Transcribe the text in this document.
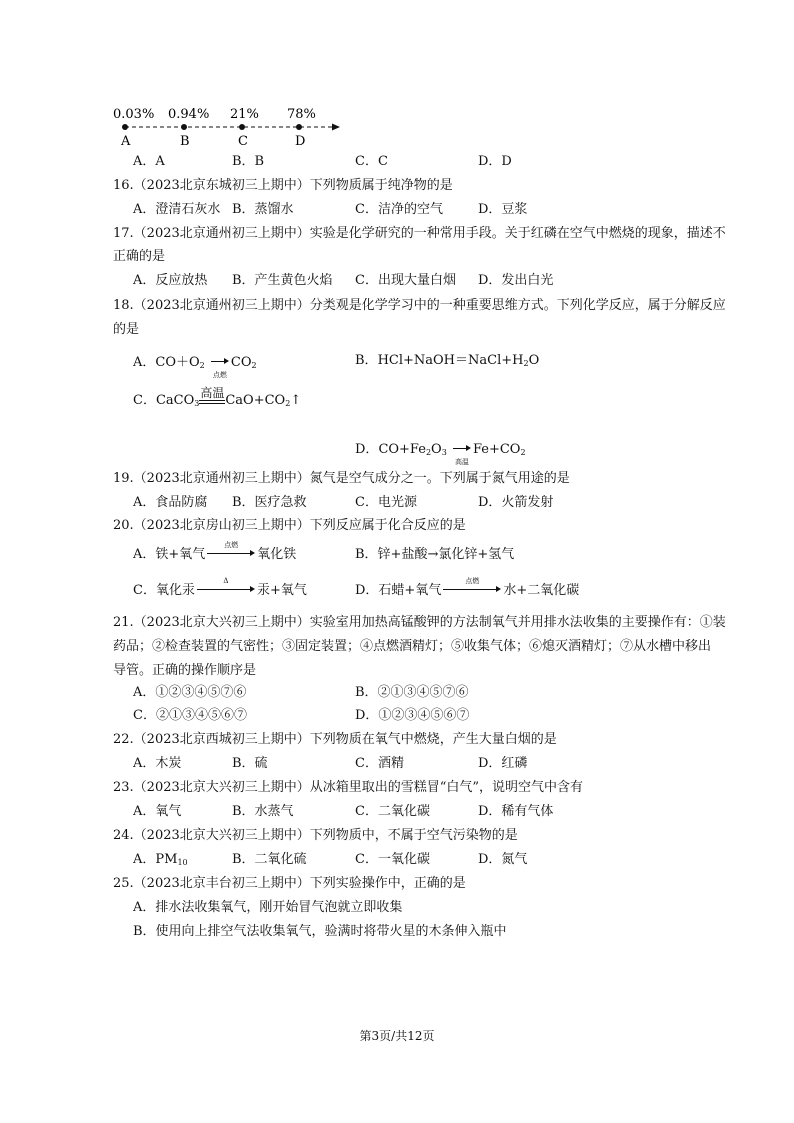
0.03% 0.94% 21% 78%
A	B	C	D
A．A	B．B	C．C	D．D
16.（2023北京东城初三上期中）下列物质属于纯净物的是
A．澄清石灰水 B．蒸馏水	C．洁净的空气	D．豆浆
17.（2023北京通州初三上期中）实验是化学研究的一种常用手段。关于红磷在空气中燃烧的现象，描述不
正确的是
A．反应放热 B．产生黄色火焰 C．出现大量白烟 D．发出白光
18.（2023北京通州初三上期中）分类观是化学学习中的一种重要思维方式。下列化学反应，属于分解反应
的是
A．$CO+O_2$
点燃
$CO_2$	B．$HCl+NaOH=NaCl+H_2O$
C．CaCO$_3$
高温 $CaO+CO_2↑$
D．$CO+Fe_2O_3$
高温
$Fe+CO_2$
19.（2023北京通州初三上期中）氮气是空气成分之一。下列属于氮气用途的是
A．食品防腐 B．医疗急救	C．电光源	D．火箭发射
20.（2023北京房山初三上期中）下列反应属于化合反应的是
A．铁+氧气
点燃
氧化铁	B．锌+盐酸→氯化锌+氢气
C．氧化汞
Δ
汞+氧气	D．石蜡+氧气
点燃
水+二氧化碳
21.（2023北京大兴初三上期中）实验室用加热高锰酸钾的方法制氧气并用排水法收集的主要操作有：①装
药品；②检查装置的气密性；③固定装置；④点燃酒精灯；⑤收集气体；⑥熄灭酒精灯；⑦从水槽中移出
导管。正确的操作顺序是
A．①②③④⑤⑦⑥	B．②①③④⑤⑦⑥
C．②①③④⑤⑥⑦	D．①②③④⑤⑥⑦
22.（2023北京西城初三上期中）下列物质在氧气中燃烧，产生大量白烟的是
A．木炭	B．硫	C．酒精	D．红磷
23.（2023北京大兴初三上期中）从冰箱里取出的雪糕冒“白气”，说明空气中含有
A．氧气	B．水蒸气	C．二氧化碳	D．稀有气体
24.（2023北京大兴初三上期中）下列物质中，不属于空气污染物的是
A．$PM_{10}$	B．二氧化硫	C．一氧化碳	D．氮气
25.（2023北京丰台初三上期中）下列实验操作中，正确的是
A．排水法收集氧气，刚开始冒气泡就立即收集
B．使用向上排空气法收集氧气，验满时将带火星的木条伸入瓶中
第3页/共12页
